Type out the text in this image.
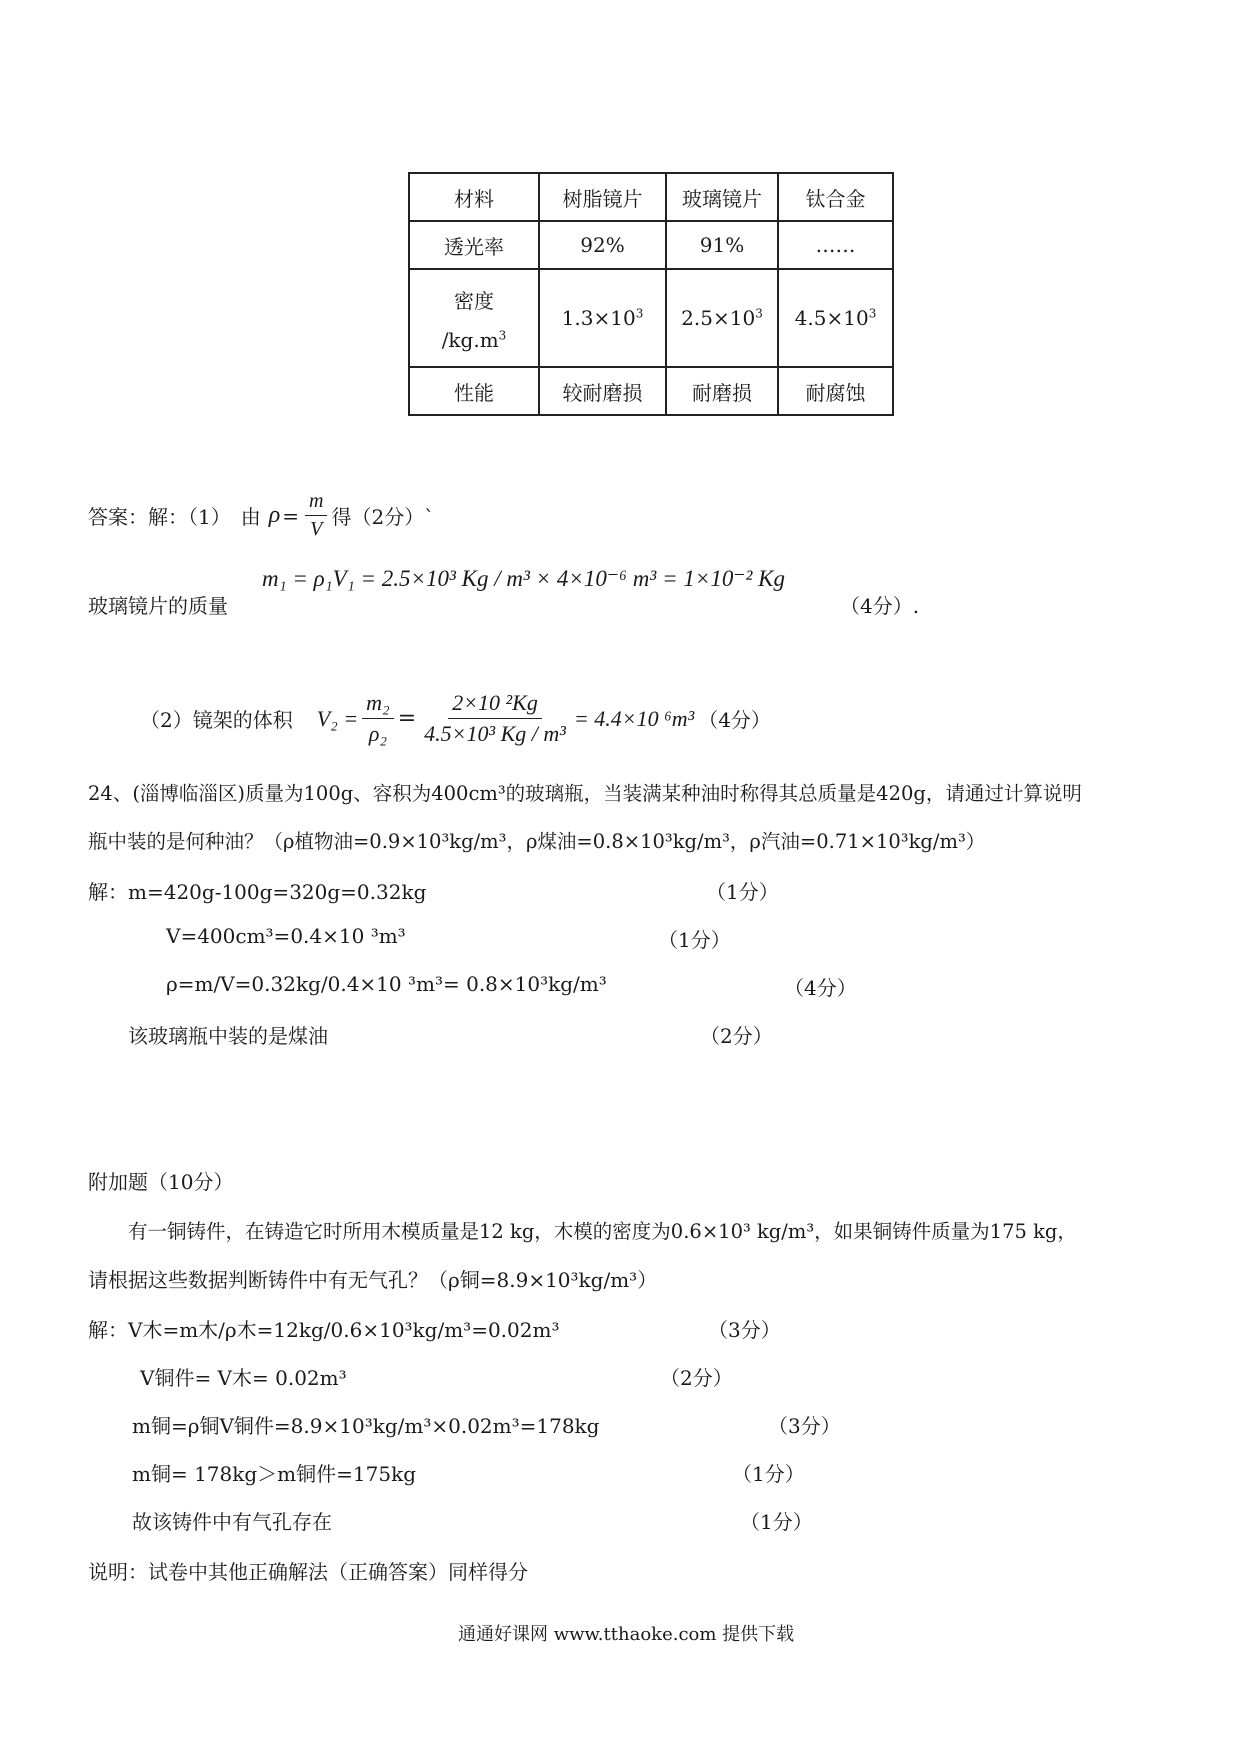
材料	树脂镜片	玻璃镜片	钛合金
透光率	92%	91%	……

密度
$/kg.m^3$	$1.3\times 10^3$	$2.5\times 10^3$	$4.5\times 10^3$
性能	较耐磨损	耐磨损	耐腐蚀
答案：解：（1）　由 $\rho = \frac{m}{V}$ 得（2分）`
m₁ = ρ₁V₁ = 2.5×10³ Kg / m³ × 4×10⁻⁶ m³ = 1×10⁻² Kg
玻璃镜片的质量	（4分）.
（2）镜架的体积 $V_2 = \frac{\text{m₂}}{\text{ρ₂}} = \frac{\text{2×10 ²Kg}}{\text{4.5×10³ Kg / m³}} = 4.4\times 10$ ⁶m³ （4分）
24、(淄博临淄区)质量为100g、容积为400cm³的玻璃瓶，当装满某种油时称得其总质量是420g，请通过计算说明
瓶中装的是何种油？（ρ植物油=0.9×10³kg/m³，ρ煤油=0.8×10³kg/m³，ρ汽油=0.71×10³kg/m³）
解：m=420g-100g=320g=0.32kg	（1分）
V=400cm³=0.4×10 ³m³	（1分）
ρ=m/V=0.32kg/0.4×10 ³m³= 0.8×10³kg/m³	（4分）
该玻璃瓶中装的是煤油	（2分）
附加题（10分）
有一铜铸件，在铸造它时所用木模质量是12 kg，木模的密度为0.6×10³ kg/m³，如果铜铸件质量为175 kg，
请根据这些数据判断铸件中有无气孔？（ρ铜=8.9×10³kg/m³）
解：V木=m木/ρ木=12kg/0.6×10³kg/m³=0.02m³	（3分）
V铜件= V木= 0.02m³	（2分）
m铜=ρ铜V铜件=8.9×10³kg/m³×0.02m³=178kg	（3分）
m铜= 178kg＞m铜件=175kg	（1分）
故该铸件中有气孔存在	（1分）
说明：试卷中其他正确解法（正确答案）同样得分
通通好课网 www.tthaoke.com 提供下载
